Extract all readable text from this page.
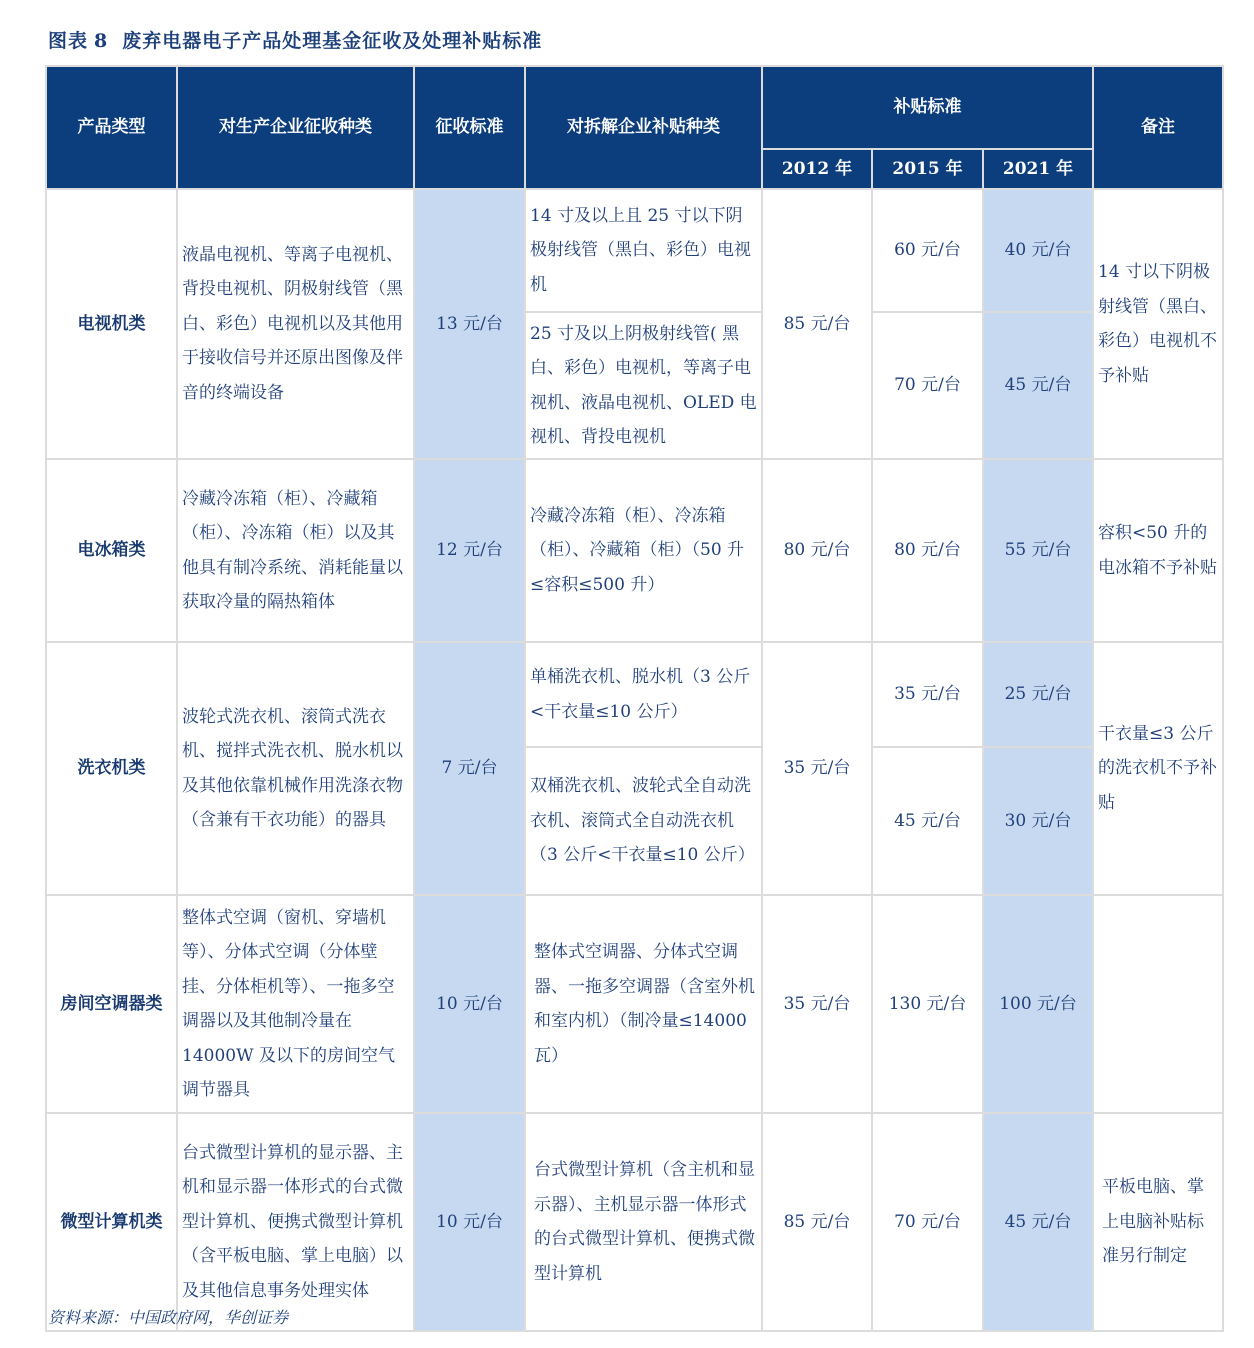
图表 8 废弃电器电子产品处理基金征收及处理补贴标准
产品类型	对生产企业征收种类	征收标准	对拆解企业补贴种类	补贴标准			备注
				2012 年	2015 年	2021 年	
电视机类	液晶电视机、等离子电视机、背投电视机、阴极射线管（黑白、彩色）电视机以及其他用于接收信号并还原出图像及伴音的终端设备	13 元/台	14 寸及以上且 25 寸以下阴极射线管（黑白、彩色）电视机	85 元/台	60 元/台	40 元/台	14 寸以下阴极射线管（黑白、彩色）电视机不予补贴
			25 寸及以上阴极射线管( 黑白、彩色）电视机，等离子电视机、液晶电视机、OLED 电视机、背投电视机		70 元/台	45 元/台	
电冰箱类	冷藏冷冻箱（柜）、冷藏箱（柜）、冷冻箱（柜）以及其他具有制冷系统、消耗能量以获取冷量的隔热箱体	12 元/台	冷藏冷冻箱（柜）、冷冻箱（柜）、冷藏箱（柜）（50 升≤容积≤500 升）	80 元/台	80 元/台	55 元/台	容积<50 升的电冰箱不予补贴
洗衣机类	波轮式洗衣机、滚筒式洗衣机、搅拌式洗衣机、脱水机以及其他依靠机械作用洗涤衣物（含兼有干衣功能）的器具	7 元/台	单桶洗衣机、脱水机（3 公斤<干衣量≤10 公斤）	35 元/台	35 元/台	25 元/台	干衣量≤3 公斤的洗衣机不予补贴
			双桶洗衣机、波轮式全自动洗衣机、滚筒式全自动洗衣机（3 公斤<干衣量≤10 公斤）		45 元/台	30 元/台	
房间空调器类	整体式空调（窗机、穿墙机等）、分体式空调（分体壁挂、分体柜机等）、一拖多空调器以及其他制冷量在 14000W 及以下的房间空气调节器具	10 元/台	整体式空调器、分体式空调器、一拖多空调器（含室外机和室内机）（制冷量≤14000 瓦）	35 元/台	130 元/台	100 元/台	
微型计算机类	台式微型计算机的显示器、主机和显示器一体形式的台式微型计算机、便携式微型计算机（含平板电脑、掌上电脑）以及其他信息事务处理实体	10 元/台	台式微型计算机（含主机和显示器）、主机显示器一体形式的台式微型计算机、便携式微型计算机	85 元/台	70 元/台	45 元/台	平板电脑、掌上电脑补贴标准另行制定
资料来源：中国政府网，华创证券
